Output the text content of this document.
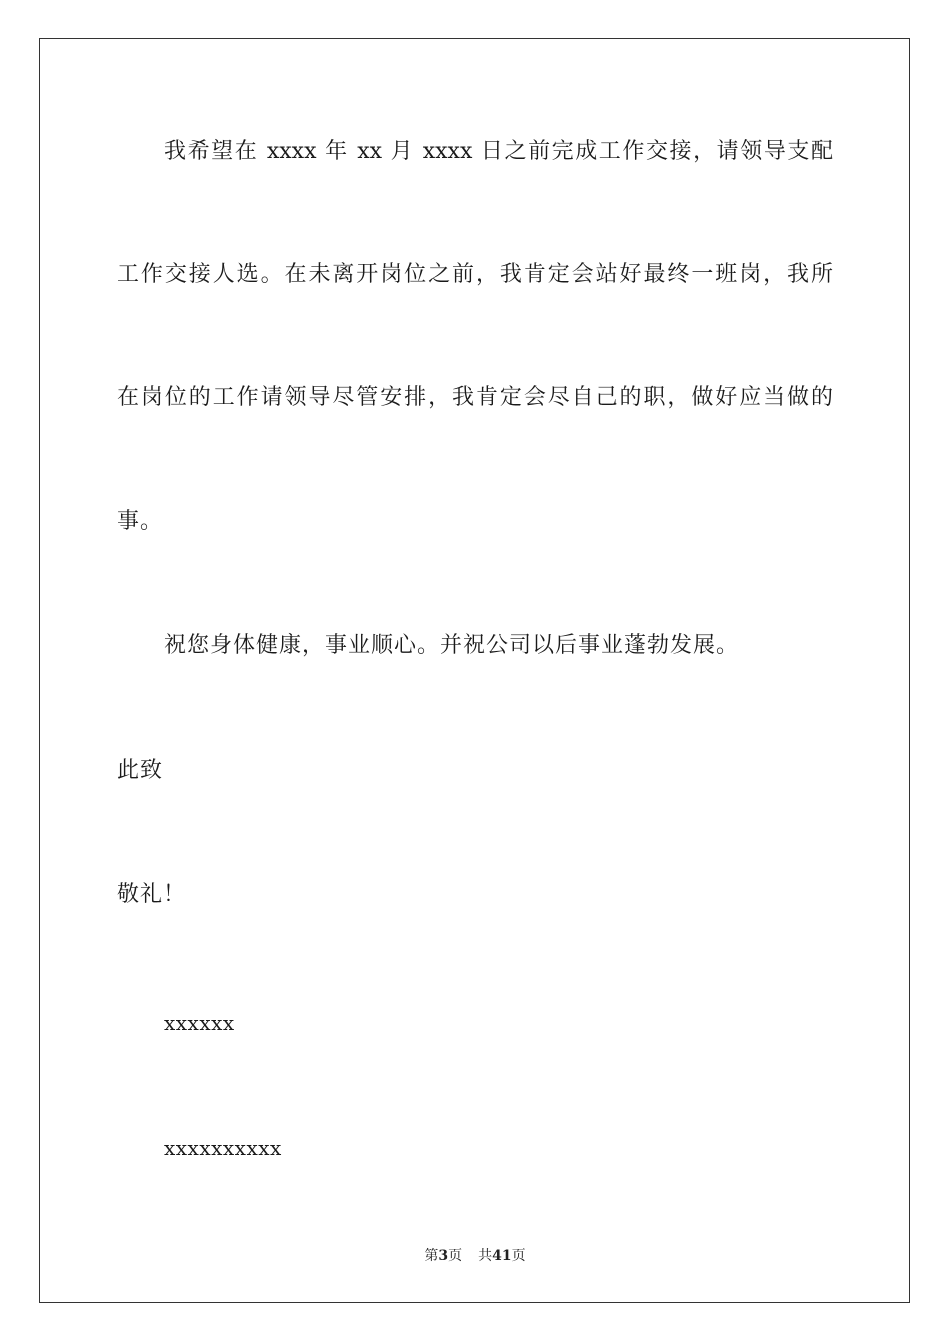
我希望在 xxxx 年 xx 月 xxxx 日之前完成工作交接，请领导支配
工作交接人选。在未离开岗位之前，我肯定会站好最终一班岗，我所
在岗位的工作请领导尽管安排，我肯定会尽自己的职，做好应当做的
事。
祝您身体健康，事业顺心。并祝公司以后事业蓬勃发展。
此致
敬礼！
xxxxxx
xxxxxxxxxx
第3页 共41页
